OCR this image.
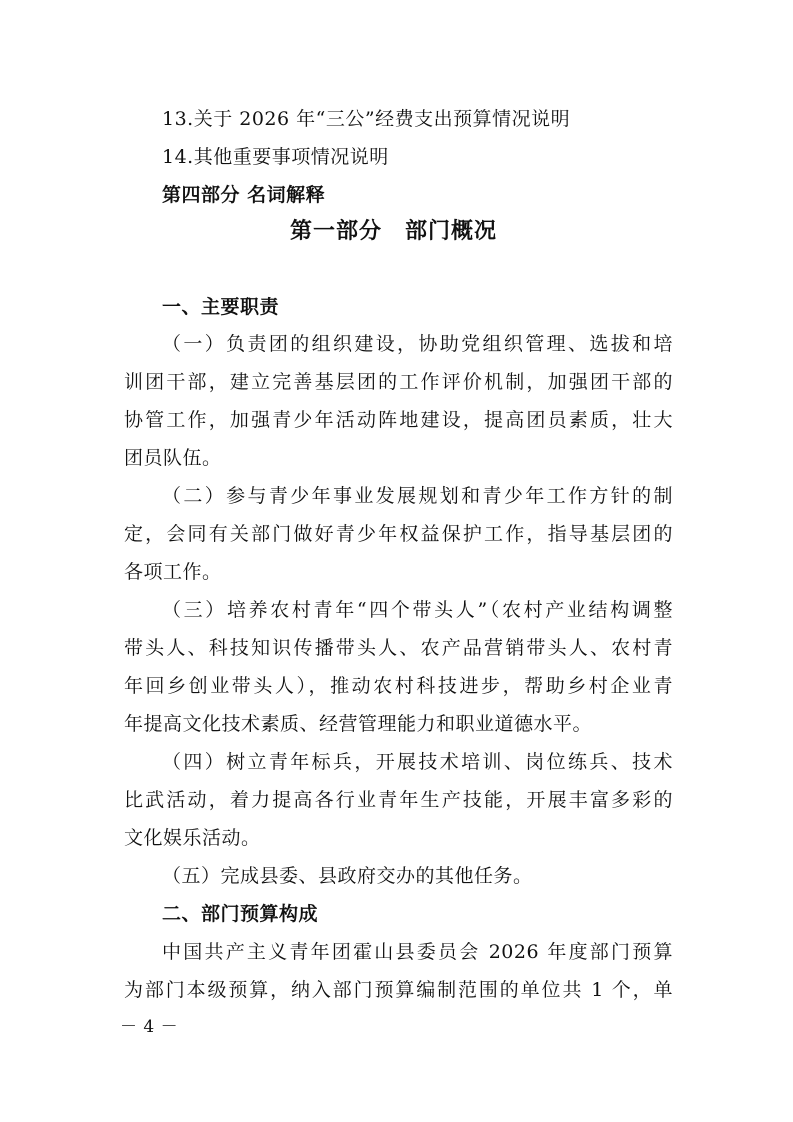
13.关于 2026 年“三公”经费支出预算情况说明

14.其他重要事项情况说明

第四部分 名词解释

第一部分　部门概况

一、主要职责

（一）负责团的组织建设，协助党组织管理、选拔和培

训团干部，建立完善基层团的工作评价机制，加强团干部的

协管工作，加强青少年活动阵地建设，提高团员素质，壮大

团员队伍。

（二）参与青少年事业发展规划和青少年工作方针的制

定，会同有关部门做好青少年权益保护工作，指导基层团的

各项工作。

（三）培养农村青年“四个带头人”（农村产业结构调整

带头人、科技知识传播带头人、农产品营销带头人、农村青

年回乡创业带头人），推动农村科技进步，帮助乡村企业青

年提高文化技术素质、经营管理能力和职业道德水平。

（四）树立青年标兵，开展技术培训、岗位练兵、技术

比武活动，着力提高各行业青年生产技能，开展丰富多彩的

文化娱乐活动。

（五）完成县委、县政府交办的其他任务。

二、部门预算构成

中国共产主义青年团霍山县委员会 2026 年度部门预算

为部门本级预算，纳入部门预算编制范围的单位共 1 个，单

－ 4 －
